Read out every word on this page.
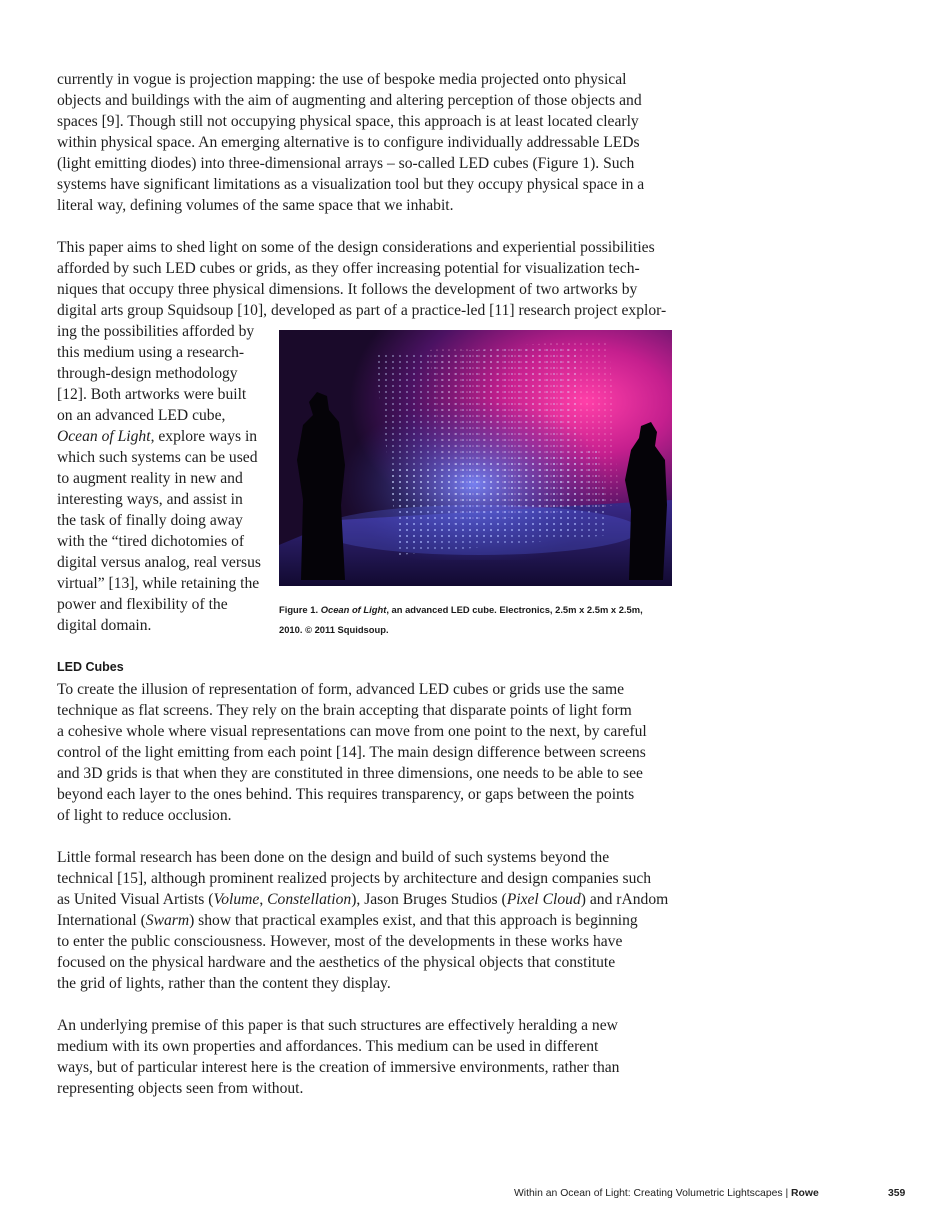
currently in vogue is projection mapping: the use of bespoke media projected onto physical
objects and buildings with the aim of augmenting and altering perception of those objects and
spaces [9]. Though still not occupying physical space, this approach is at least located clearly
within physical space. An emerging alternative is to configure individually addressable LEDs
(light emitting diodes) into three-dimensional arrays – so-called LED cubes (Figure 1). Such
systems have significant limitations as a visualization tool but they occupy physical space in a
literal way, defining volumes of the same space that we inhabit.
This paper aims to shed light on some of the design considerations and experiential possibilities
afforded by such LED cubes or grids, as they offer increasing potential for visualization tech-
niques that occupy three physical dimensions. It follows the development of two artworks by
digital arts group Squidsoup [10], developed as part of a practice-led [11] research project explor-
ing the possibilities afforded by
this medium using a research-
through-design methodology
[12]. Both artworks were built
on an advanced LED cube,
Ocean of Light, explore ways in
which such systems can be used
to augment reality in new and
interesting ways, and assist in
the task of finally doing away
with the “tired dichotomies of
digital versus analog, real versus
virtual” [13], while retaining the
power and flexibility of the
digital domain.
Figure 1. Ocean of Light, an advanced LED cube. Electronics, 2.5m x 2.5m x 2.5m,
2010. © 2011 Squidsoup.
LED Cubes
To create the illusion of representation of form, advanced LED cubes or grids use the same
technique as flat screens. They rely on the brain accepting that disparate points of light form
a cohesive whole where visual representations can move from one point to the next, by careful
control of the light emitting from each point [14]. The main design difference between screens
and 3D grids is that when they are constituted in three dimensions, one needs to be able to see
beyond each layer to the ones behind. This requires transparency, or gaps between the points
of light to reduce occlusion.
Little formal research has been done on the design and build of such systems beyond the
technical [15], although prominent realized projects by architecture and design companies such
as United Visual Artists (Volume, Constellation), Jason Bruges Studios (Pixel Cloud) and rAndom
International (Swarm) show that practical examples exist, and that this approach is beginning
to enter the public consciousness. However, most of the developments in these works have
focused on the physical hardware and the aesthetics of the physical objects that constitute
the grid of lights, rather than the content they display.
An underlying premise of this paper is that such structures are effectively heralding a new
medium with its own properties and affordances. This medium can be used in different
ways, but of particular interest here is the creation of immersive environments, rather than
representing objects seen from without.
Within an Ocean of Light: Creating Volumetric Lightscapes | Rowe	359
